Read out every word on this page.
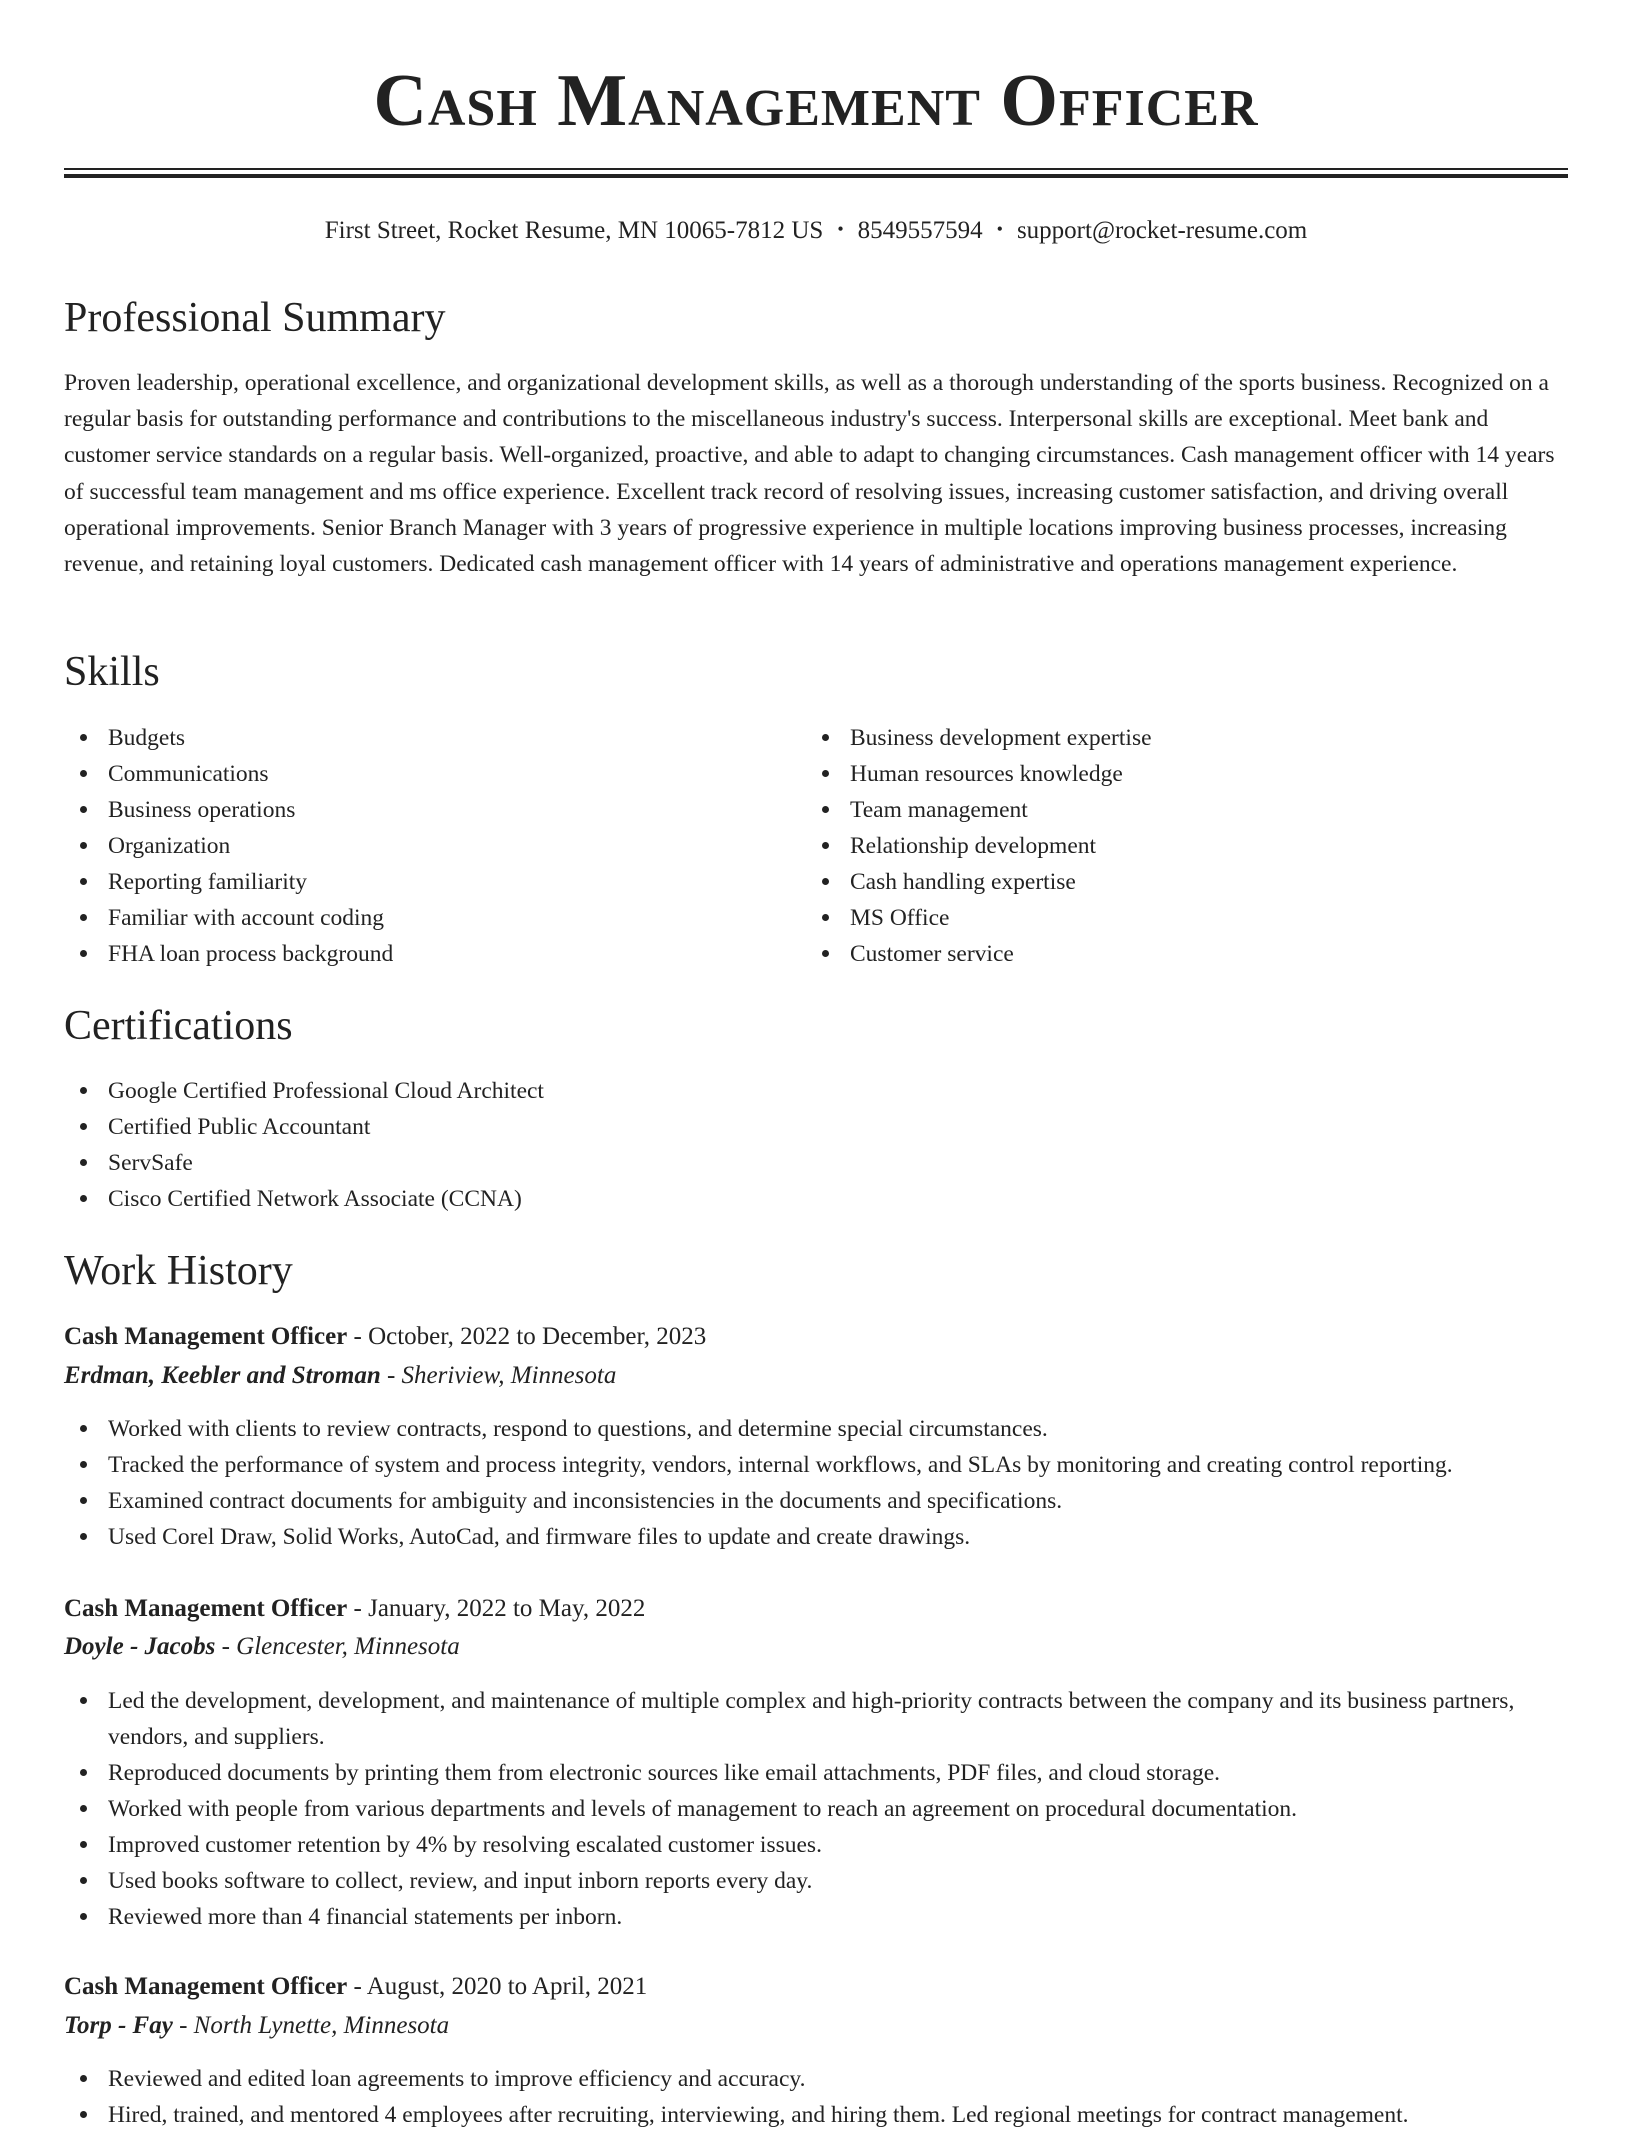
Cash Management Officer
First Street, Rocket Resume, MN 10065-7812 US • 8549557594 • support@rocket-resume.com
Professional Summary

Proven leadership, operational excellence, and organizational development skills, as well as a thorough understanding of the sports business. Recognized on a regular basis for outstanding performance and contributions to the miscellaneous industry's success. Interpersonal skills are exceptional. Meet bank and customer service standards on a regular basis. Well-organized, proactive, and able to adapt to changing circumstances. Cash management officer with 14 years of successful team management and ms office experience. Excellent track record of resolving issues, increasing customer satisfaction, and driving overall operational improvements. Senior Branch Manager with 3 years of progressive experience in multiple locations improving business processes, increasing revenue, and retaining loyal customers. Dedicated cash management officer with 14 years of administrative and operations management experience.

Skills
Budgets
Communications
Business operations
Organization
Reporting familiarity
Familiar with account coding
FHA loan process background
Business development expertise
Human resources knowledge
Team management
Relationship development
Cash handling expertise
MS Office
Customer service
Certifications
Google Certified Professional Cloud Architect
Certified Public Accountant
ServSafe
Cisco Certified Network Associate (CCNA)
Work History
Cash Management Officer - October, 2022 to December, 2023
Erdman, Keebler and Stroman - Sheriview, Minnesota
Worked with clients to review contracts, respond to questions, and determine special circumstances.
Tracked the performance of system and process integrity, vendors, internal workflows, and SLAs by monitoring and creating control reporting.
Examined contract documents for ambiguity and inconsistencies in the documents and specifications.
Used Corel Draw, Solid Works, AutoCad, and firmware files to update and create drawings.
Cash Management Officer - January, 2022 to May, 2022
Doyle - Jacobs - Glencester, Minnesota
Led the development, development, and maintenance of multiple complex and high-priority contracts between the company and its business partners, vendors, and suppliers.
Reproduced documents by printing them from electronic sources like email attachments, PDF files, and cloud storage.
Worked with people from various departments and levels of management to reach an agreement on procedural documentation.
Improved customer retention by 4% by resolving escalated customer issues.
Used books software to collect, review, and input inborn reports every day.
Reviewed more than 4 financial statements per inborn.
Cash Management Officer - August, 2020 to April, 2021
Torp - Fay - North Lynette, Minnesota
Reviewed and edited loan agreements to improve efficiency and accuracy.
Hired, trained, and mentored 4 employees after recruiting, interviewing, and hiring them. Led regional meetings for contract management.
